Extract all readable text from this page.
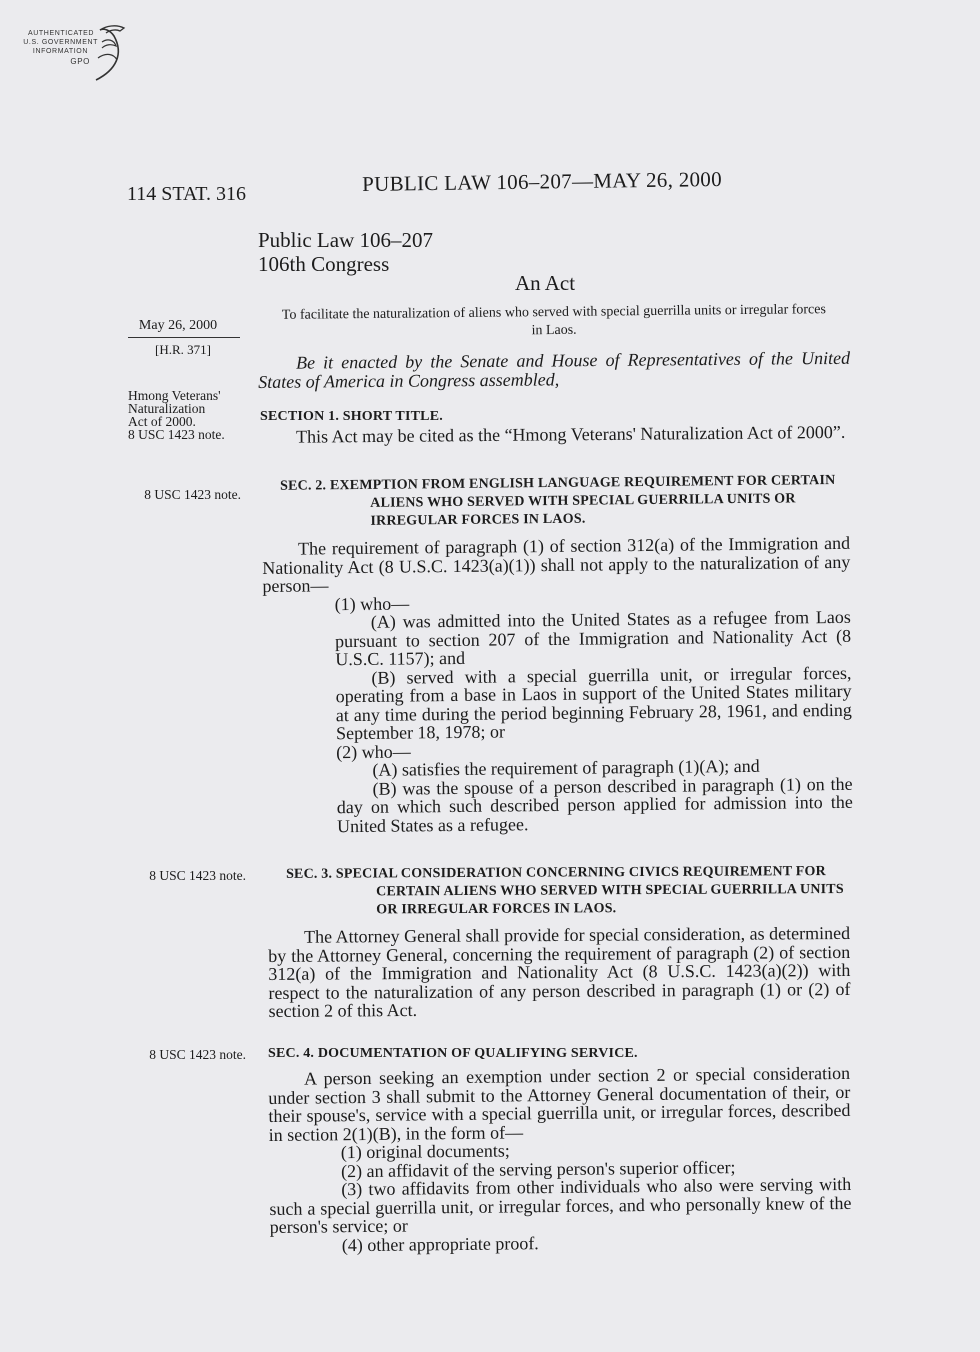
AUTHENTICATED
U.S. GOVERNMENT
INFORMATION
GPO
114 STAT. 316	PUBLIC LAW 106–207—MAY 26, 2000
Public Law 106–207
106th Congress
An Act
To facilitate the naturalization of aliens who served with special guerrilla units or irregular forces in Laos.
May 26, 2000
[H.R. 371]
Hmong Veterans'
Naturalization
Act of 2000.
8 USC 1423 note.
8 USC 1423 note.
8 USC 1423 note.
8 USC 1423 note.

Be it enacted by the Senate and House of Representatives of the United States of America in Congress assembled,

SECTION 1. SHORT TITLE.

This Act may be cited as the “Hmong Veterans' Naturalization Act of 2000”.

SEC. 2. EXEMPTION FROM ENGLISH LANGUAGE REQUIREMENT FOR CERTAIN ALIENS WHO SERVED WITH SPECIAL GUERRILLA UNITS OR IRREGULAR FORCES IN LAOS.

The requirement of paragraph (1) of section 312(a) of the Immigration and Nationality Act (8 U.S.C. 1423(a)(1)) shall not apply to the naturalization of any person—

(1) who—

(A) was admitted into the United States as a refugee from Laos pursuant to section 207 of the Immigration and Nationality Act (8 U.S.C. 1157); and

(B) served with a special guerrilla unit, or irregular forces, operating from a base in Laos in support of the United States military at any time during the period beginning February 28, 1961, and ending September 18, 1978; or

(2) who—

(A) satisfies the requirement of paragraph (1)(A); and

(B) was the spouse of a person described in paragraph (1) on the day on which such described person applied for admission into the United States as a refugee.

SEC. 3. SPECIAL CONSIDERATION CONCERNING CIVICS REQUIREMENT FOR CERTAIN ALIENS WHO SERVED WITH SPECIAL GUERRILLA UNITS OR IRREGULAR FORCES IN LAOS.

The Attorney General shall provide for special consideration, as determined by the Attorney General, concerning the requirement of paragraph (2) of section 312(a) of the Immigration and Nationality Act (8 U.S.C. 1423(a)(2)) with respect to the naturalization of any person described in paragraph (1) or (2) of section 2 of this Act.

SEC. 4. DOCUMENTATION OF QUALIFYING SERVICE.

A person seeking an exemption under section 2 or special consideration under section 3 shall submit to the Attorney General documentation of their, or their spouse's, service with a special guerrilla unit, or irregular forces, described in section 2(1)(B), in the form of—

(1) original documents;

(2) an affidavit of the serving person's superior officer;

(3) two affidavits from other individuals who also were serving with such a special guerrilla unit, or irregular forces, and who personally knew of the person's service; or

(4) other appropriate proof.
